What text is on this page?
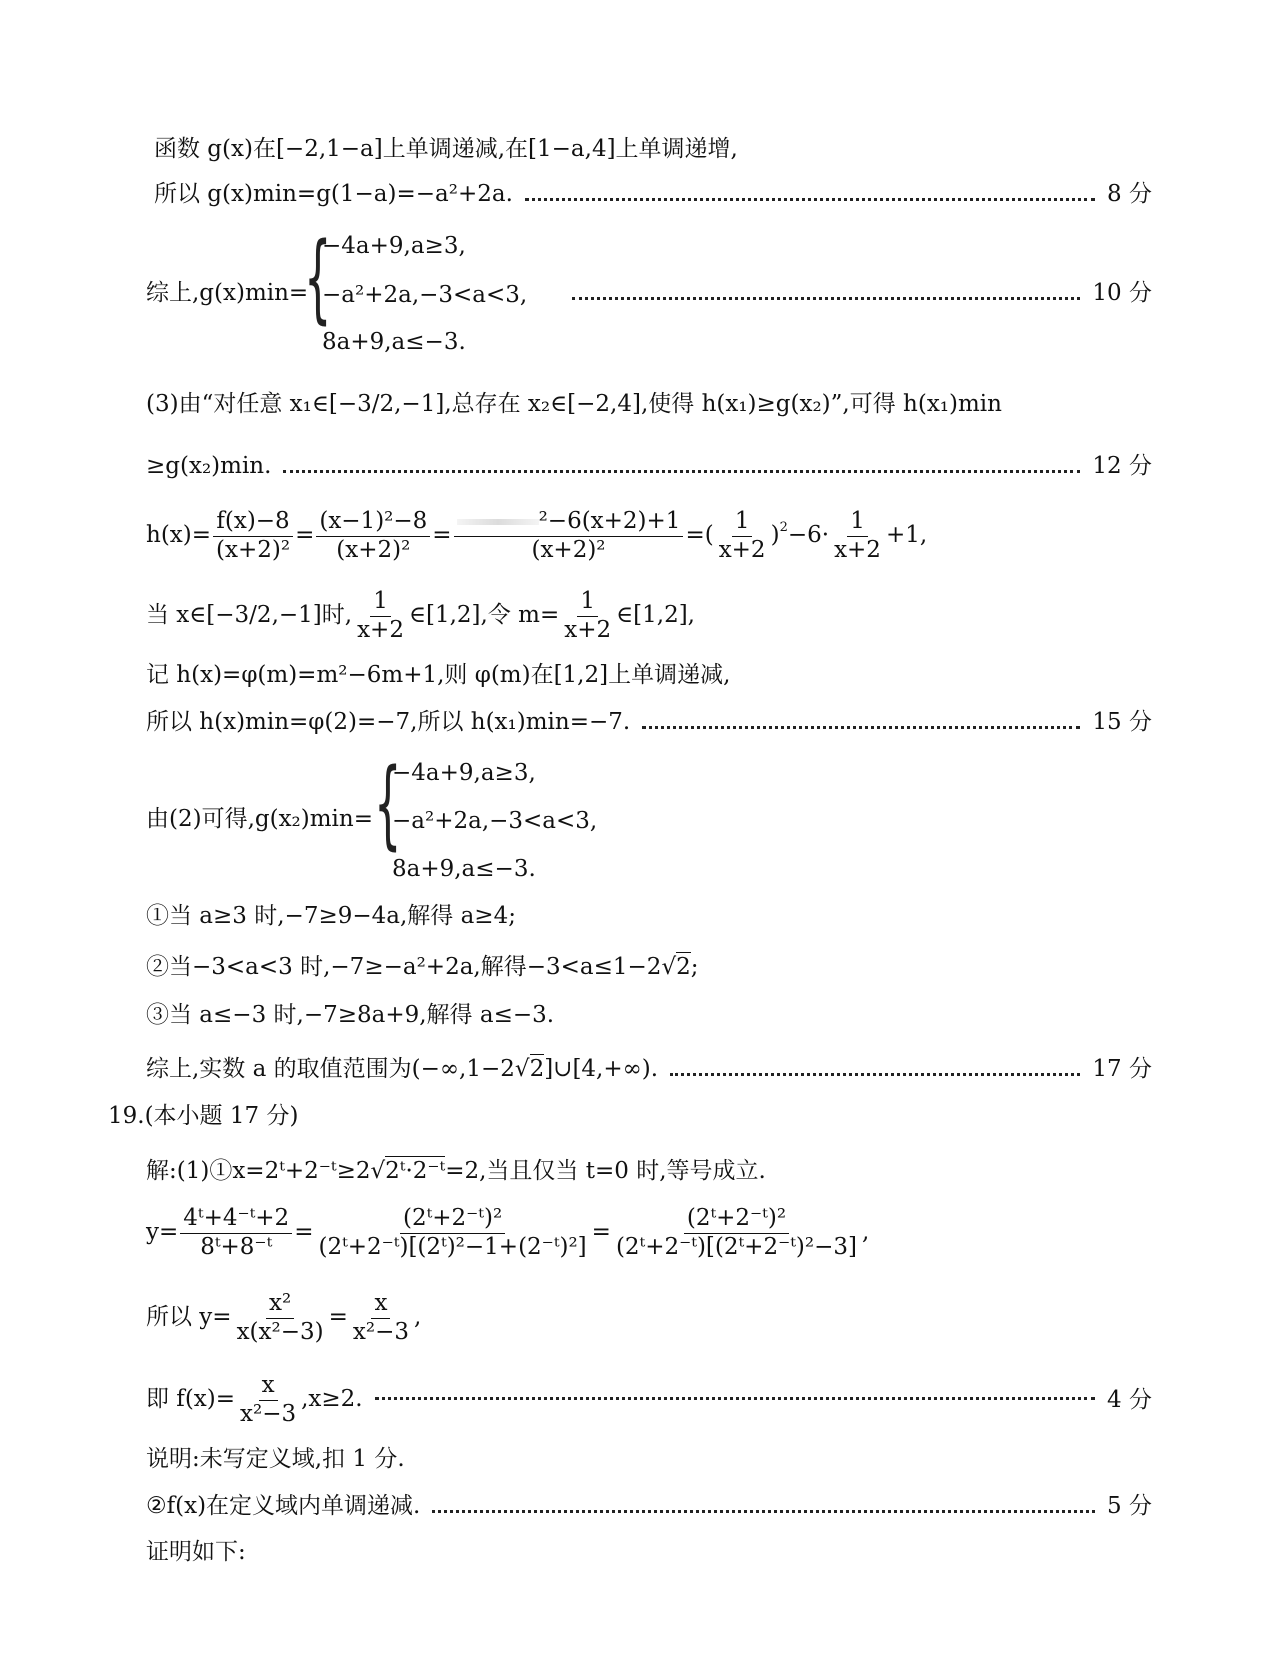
函数 g(x)在[−2,1−a]上单调递减,在[1−a,4]上单调递增,
所以 g(x)min=g(1−a)=−a²+2a.	8 分
综上,g(x)min=
{
−4a+9,a≥3,
−a²+2a,−3<a<3,
8a+9,a≤−3.
10 分
(3)由“对任意 x₁∈[−3/2,−1],总存在 x₂∈[−2,4],使得 h(x₁)≥g(x₂)”,可得 h(x₁)min
≥g(x₂)min.	12 分
$h(x)= \frac{f(x)-8}{\text{(x+2)²}} = \frac{\text{(x−1)²−8}}{\text{(x+2)²}} = \frac{\text{²−6(x+2)+1}}{\text{(x+2)²}}$ =( $\frac{1}{x+2} )^2-6\cdot \frac{1}{x+2} +1$,
当 x∈[−3/2,−1]时, $\frac{1}{x+2}$ ∈[1,2],令 $m= \frac{1}{x+2}$ ∈[1,2],
记 h(x)=φ(m)=m²−6m+1,则 φ(m)在[1,2]上单调递减,
所以 h(x)min=φ(2)=−7,所以 h(x₁)min=−7.	15 分
由(2)可得,g(x₂)min= {
−4a+9,a≥3,
−a²+2a,−3<a<3,
8a+9,a≤−3.
①当 a≥3 时,−7≥9−4a,解得 a≥4;
②当−3<a<3 时,−7≥−a²+2a,解得−3<a≤1−2√2;
③当 a≤−3 时,−7≥8a+9,解得 a≤−3.
综上,实数 a 的取值范围为(−∞,1−2√2]∪[4,+∞).	17 分
19.(本小题 17 分)
解:(1)①x=2ᵗ+2⁻ᵗ≥2√2ᵗ·2⁻ᵗ=2,当且仅当 t=0 时,等号成立.
$y= \frac{\text{4ᵗ+4⁻ᵗ+2}}{\text{8ᵗ+8⁻ᵗ}} = \frac{\text{(2ᵗ+2⁻ᵗ)²}}{\text{(2ᵗ+2⁻ᵗ)[(2ᵗ)²−1+(2⁻ᵗ)²]}} = \frac{\text{(2ᵗ+2⁻ᵗ)²}}{\text{(2ᵗ+2⁻ᵗ)[(2ᵗ+2⁻ᵗ)²−3]}}$ ,
所以 $y= \frac{\text{x²}}{\text{x(x²−3)}} = \frac{x}{\text{x²−3}}$ ,
即 $f(x)= \frac{x}{\text{x²−3}} ,x\ge 2$.	4 分
说明:未写定义域,扣 1 分.
②f(x)在定义域内单调递减.	5 分
证明如下:
